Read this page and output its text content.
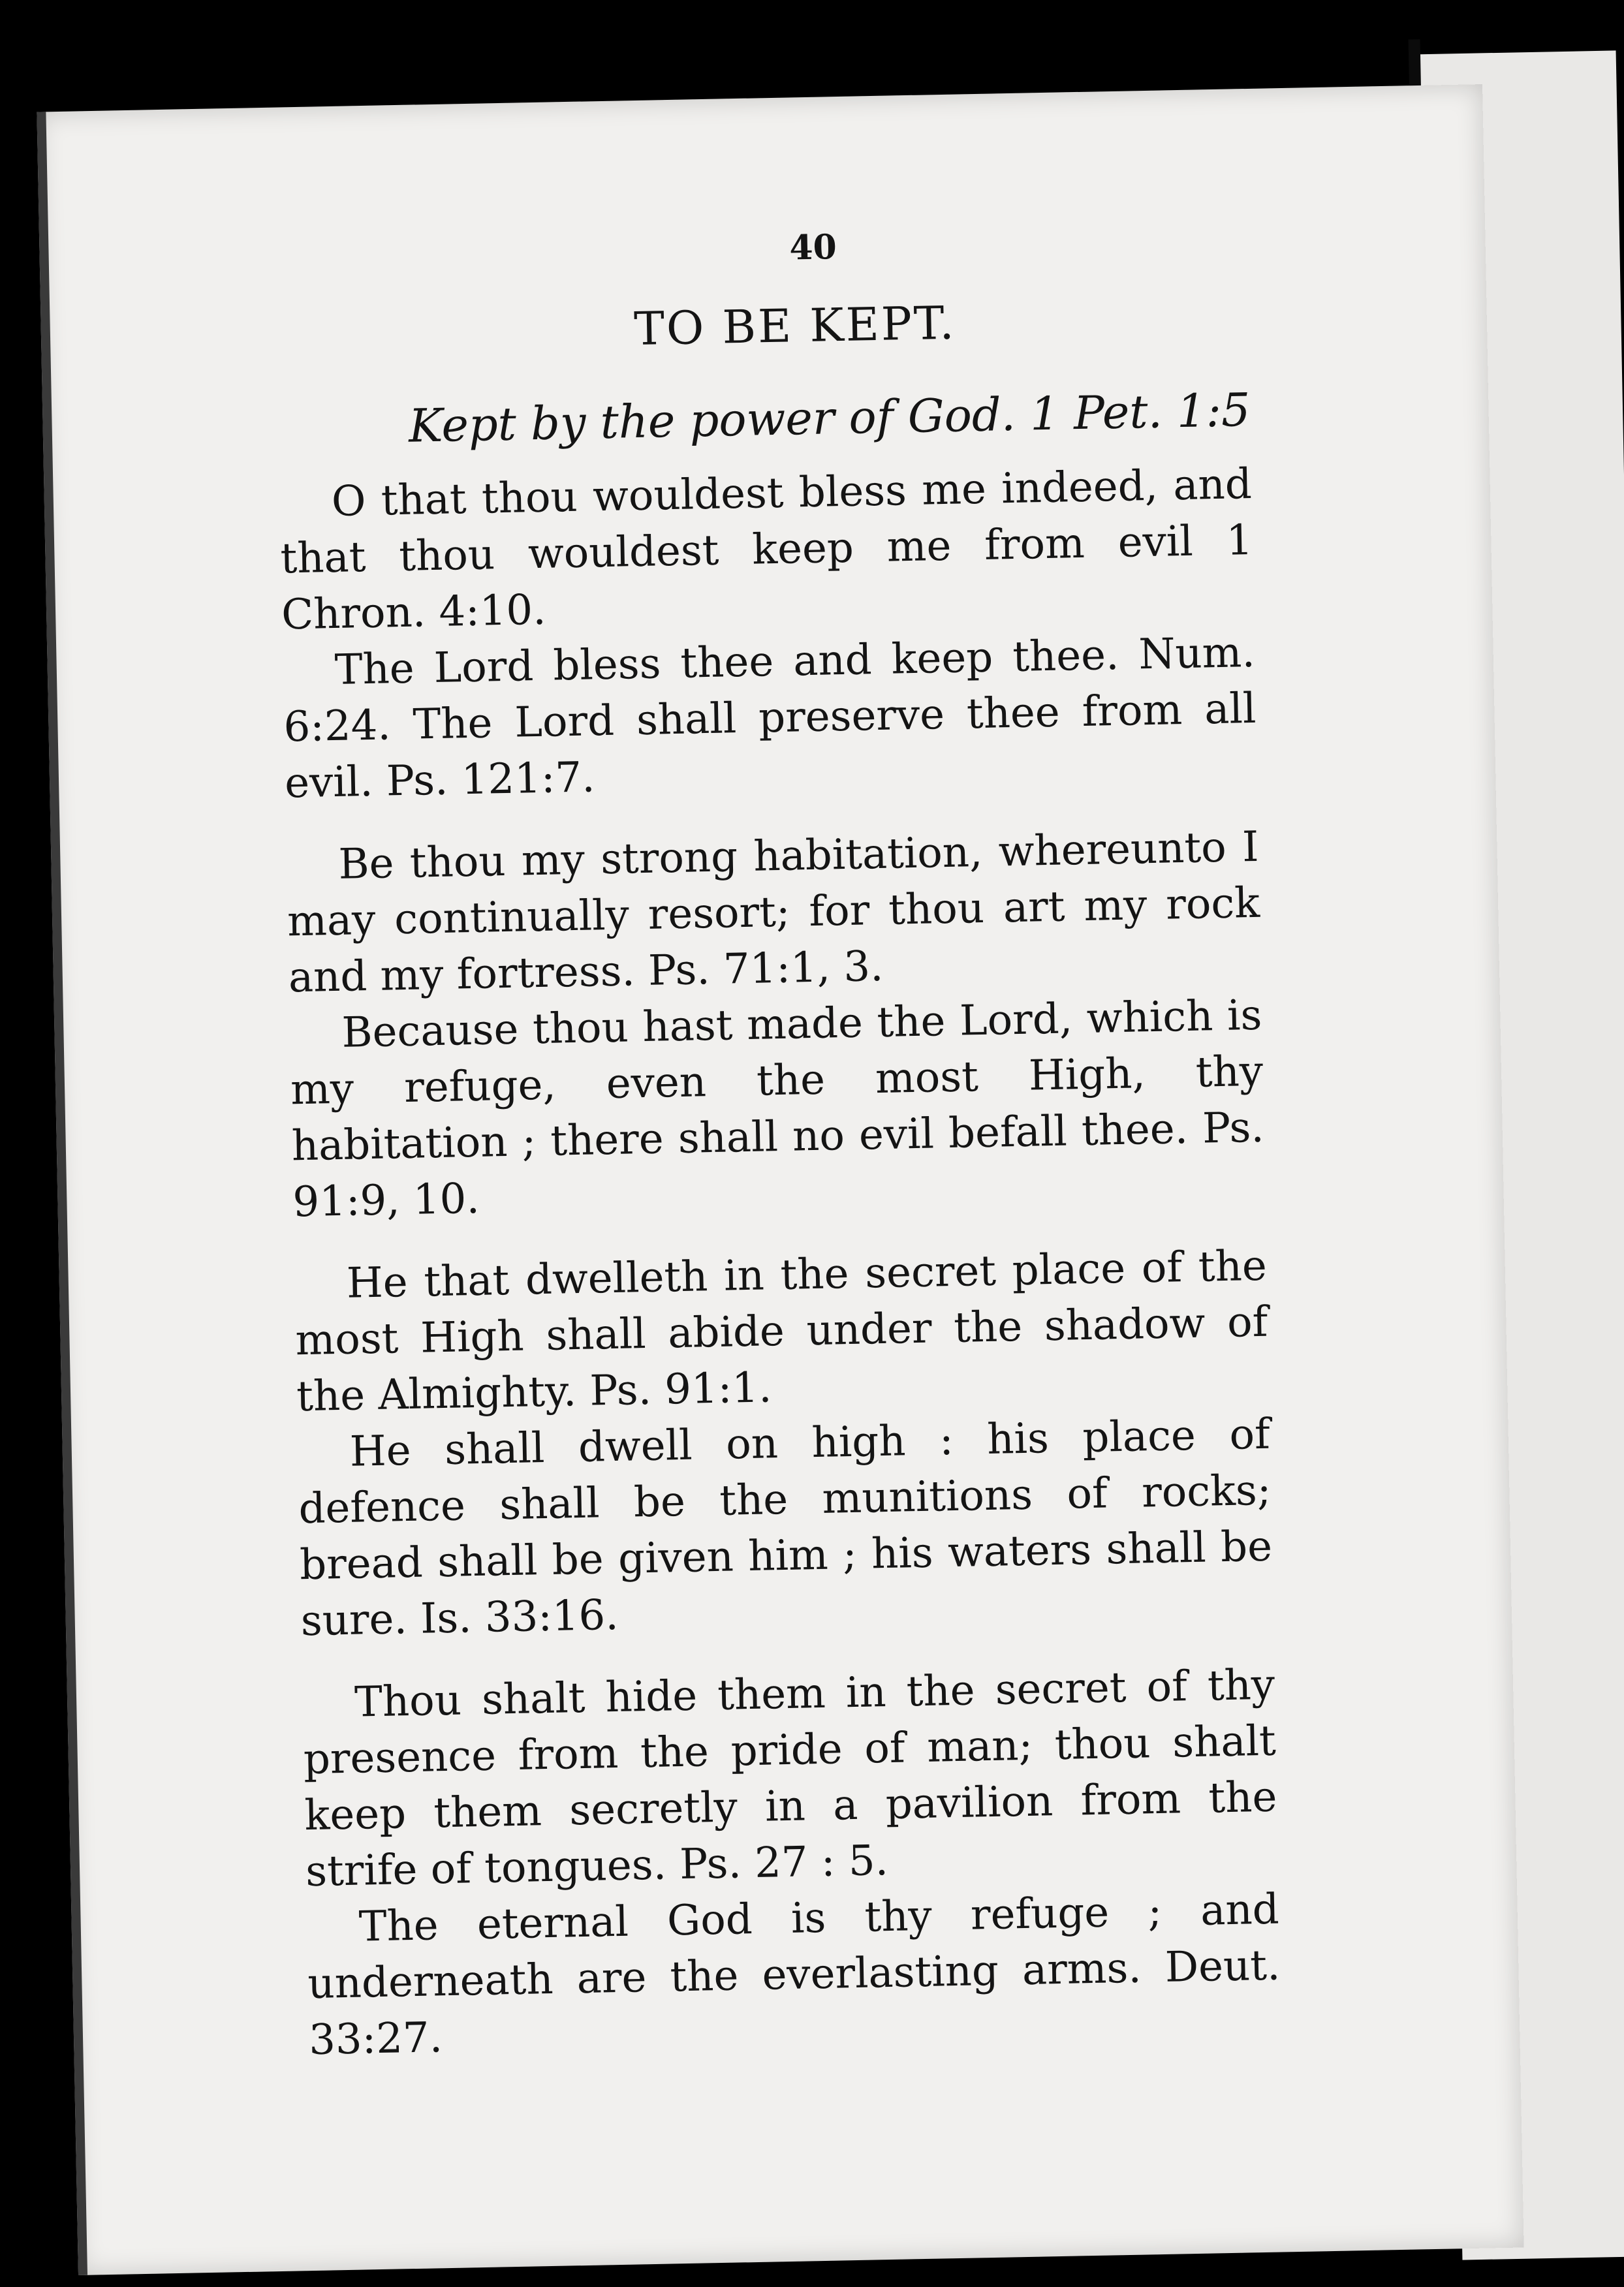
40
TO BE KEPT.
Kept by the power of God. 1 Pet. 1:5

O that thou wouldest bless me indeed, and that thou wouldest keep me from evil 1 Chron. 4:10.

The Lord bless thee and keep thee. Num. 6:24. The Lord shall preserve thee from all evil. Ps. 121:7.

Be thou my strong habitation, whereunto I may continually resort; for thou art my rock and my fortress. Ps. 71:1, 3.

Because thou hast made the Lord, which is my refuge, even the most High, thy habitation ; there shall no evil befall thee. Ps. 91:9, 10.

He that dwelleth in the secret place of the most High shall abide under the shadow of the Almighty. Ps. 91:1.

He shall dwell on high : his place of defence shall be the munitions of rocks; bread shall be given him ; his waters shall be sure. Is. 33:16.

Thou shalt hide them in the secret of thy presence from the pride of man; thou shalt keep them secretly in a pavilion from the strife of tongues. Ps. 27 : 5.

The eternal God is thy refuge ; and underneath are the everlasting arms. Deut. 33:27.
